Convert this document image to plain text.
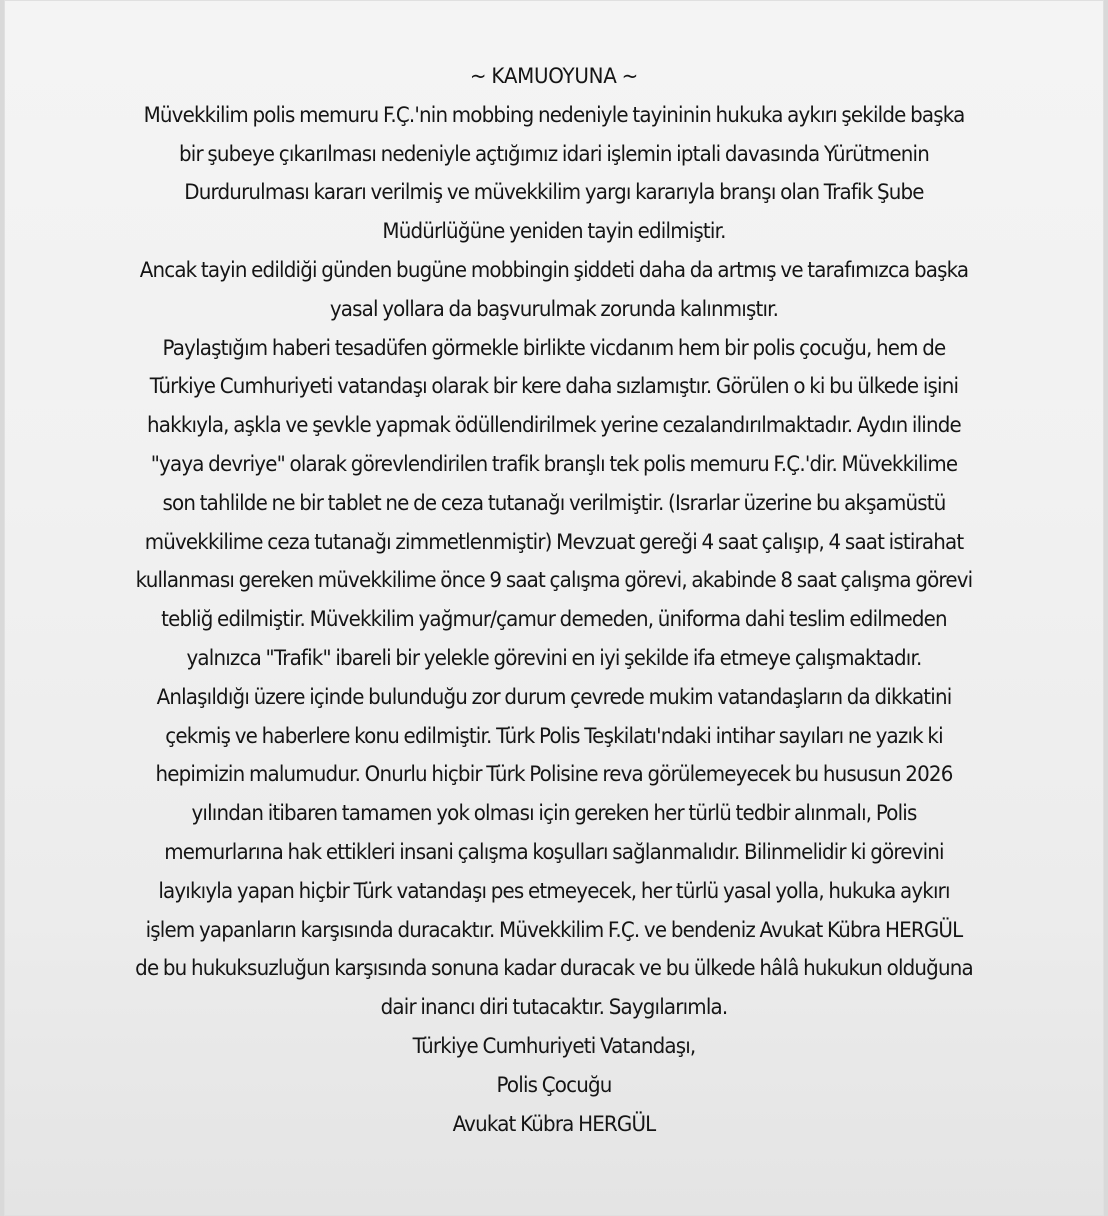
~ KAMUOYUNA ~
Müvekkilim polis memuru F.Ç.'nin mobbing nedeniyle tayininin hukuka aykırı şekilde başka
bir şubeye çıkarılması nedeniyle açtığımız idari işlemin iptali davasında Yürütmenin
Durdurulması kararı verilmiş ve müvekkilim yargı kararıyla branşı olan Trafik Şube
Müdürlüğüne yeniden tayin edilmiştir.
Ancak tayin edildiği günden bugüne mobbingin şiddeti daha da artmış ve tarafımızca başka
yasal yollara da başvurulmak zorunda kalınmıştır.
Paylaştığım haberi tesadüfen görmekle birlikte vicdanım hem bir polis çocuğu, hem de
Türkiye Cumhuriyeti vatandaşı olarak bir kere daha sızlamıştır. Görülen o ki bu ülkede işini
hakkıyla, aşkla ve şevkle yapmak ödüllendirilmek yerine cezalandırılmaktadır. Aydın ilinde
"yaya devriye" olarak görevlendirilen trafik branşlı tek polis memuru F.Ç.'dir. Müvekkilime
son tahlilde ne bir tablet ne de ceza tutanağı verilmiştir. (Israrlar üzerine bu akşamüstü
müvekkilime ceza tutanağı zimmetlenmiştir) Mevzuat gereği 4 saat çalışıp, 4 saat istirahat
kullanması gereken müvekkilime önce 9 saat çalışma görevi, akabinde 8 saat çalışma görevi
tebliğ edilmiştir. Müvekkilim yağmur/çamur demeden, üniforma dahi teslim edilmeden
yalnızca "Trafik" ibareli bir yelekle görevini en iyi şekilde ifa etmeye çalışmaktadır.
Anlaşıldığı üzere içinde bulunduğu zor durum çevrede mukim vatandaşların da dikkatini
çekmiş ve haberlere konu edilmiştir. Türk Polis Teşkilatı'ndaki intihar sayıları ne yazık ki
hepimizin malumudur. Onurlu hiçbir Türk Polisine reva görülemeyecek bu hususun 2026
yılından itibaren tamamen yok olması için gereken her türlü tedbir alınmalı, Polis
memurlarına hak ettikleri insani çalışma koşulları sağlanmalıdır. Bilinmelidir ki görevini
layıkıyla yapan hiçbir Türk vatandaşı pes etmeyecek, her türlü yasal yolla, hukuka aykırı
işlem yapanların karşısında duracaktır. Müvekkilim F.Ç. ve bendeniz Avukat Kübra HERGÜL
de bu hukuksuzluğun karşısında sonuna kadar duracak ve bu ülkede hâlâ hukukun olduğuna
dair inancı diri tutacaktır. Saygılarımla.
Türkiye Cumhuriyeti Vatandaşı,
Polis Çocuğu
Avukat Kübra HERGÜL
